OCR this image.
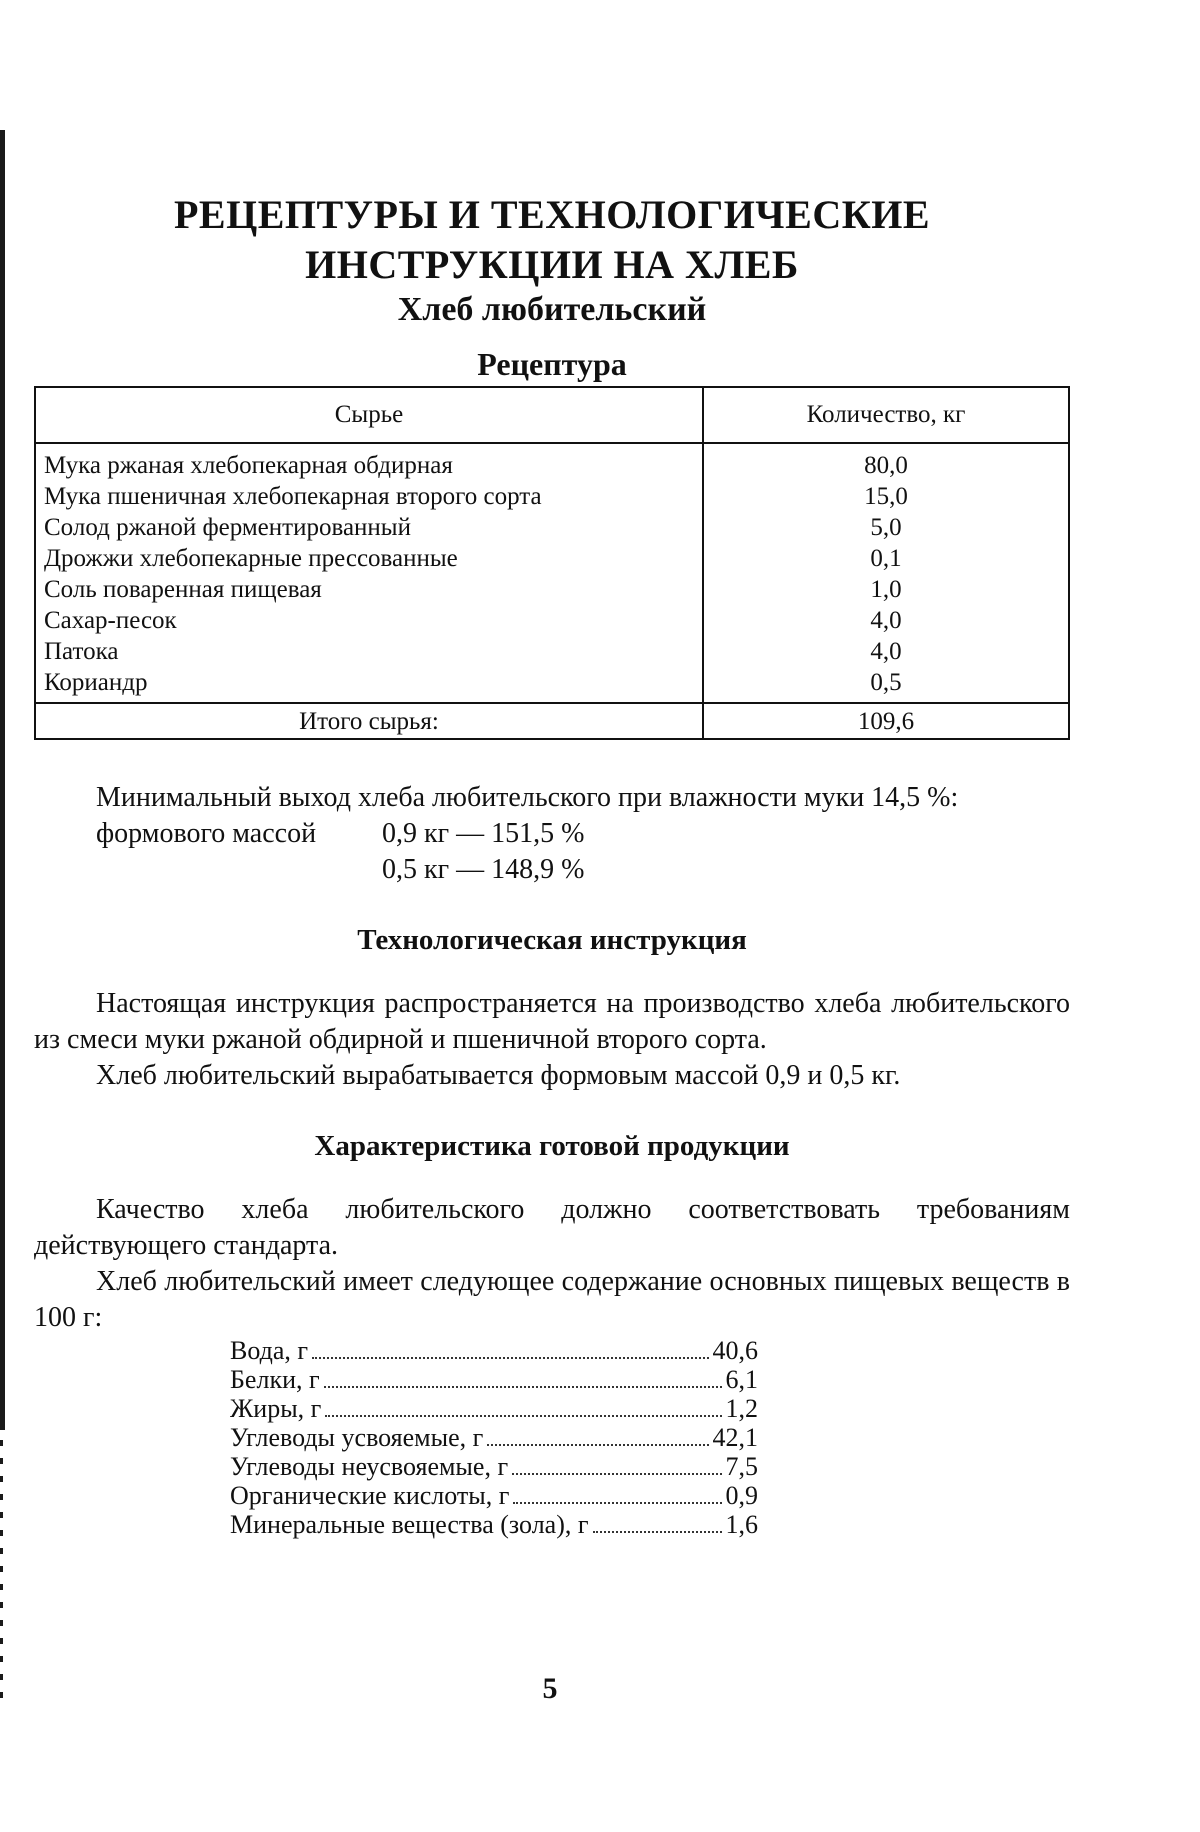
РЕЦЕПТУРЫ И ТЕХНОЛОГИЧЕСКИЕ
ИНСТРУКЦИИ НА ХЛЕБ
Хлеб любительский
Рецептура
Сырье	Количество, кг
Мука ржаная хлебопекарная обдирная	80,0
Мука пшеничная хлебопекарная второго сорта	15,0
Солод ржаной ферментированный	5,0
Дрожжи хлебопекарные прессованные	0,1
Соль поваренная пищевая	1,0
Сахар-песок	4,0
Патока	4,0
Кориандр	0,5
Итого сырья:	109,6

Минимальный выход хлеба любительского при влажности муки 14,5 %:

формового массой	0,9 кг — 151,5 %
0,5 кг — 148,9 %
Технологическая инструкция

Настоящая инструкция распространяется на производство хлеба любительского из смеси муки ржаной обдирной и пшеничной второго сорта.

Хлеб любительский вырабатывается формовым массой 0,9 и 0,5 кг.

Характеристика готовой продукции

Качество хлеба любительского должно соответствовать требованиям действующего стандарта.

Хлеб любительский имеет следующее содержание основных пищевых веществ в 100 г:

Вода, г	40,6
Белки, г	6,1
Жиры, г	1,2
Углеводы усвояемые, г	42,1
Углеводы неусвояемые, г	7,5
Органические кислоты, г	0,9
Минеральные вещества (зола), г	1,6
5
